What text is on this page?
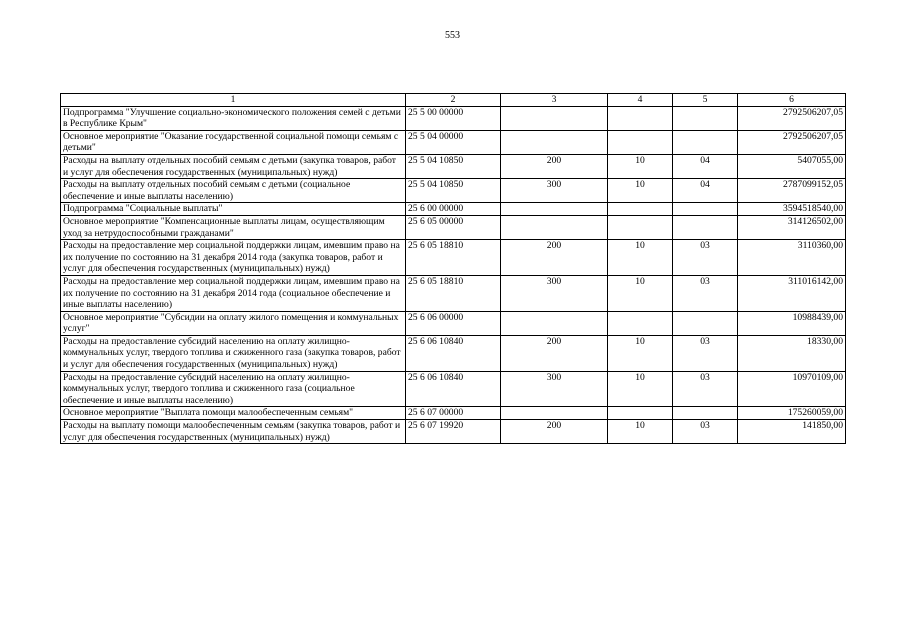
553
1	2	3	4	5	6
Подпрограмма "Улучшение социально-экономического положения семей с детьми в Республике Крым"	25 5 00 00000				2792506207,05
Основное мероприятие "Оказание государственной социальной помощи семьям с детьми"	25 5 04 00000				2792506207,05
Расходы на выплату отдельных пособий семьям с детьми (закупка товаров, работ и услуг для обеспечения государственных (муниципальных) нужд)	25 5 04 10850	200	10	04	5407055,00
Расходы на выплату отдельных пособий семьям с детьми (социальное обеспечение и иные выплаты населению)	25 5 04 10850	300	10	04	2787099152,05
Подпрограмма "Социальные выплаты"	25 6 00 00000				3594518540,00
Основное мероприятие "Компенсационные выплаты лицам, осуществляющим уход за нетрудоспособными гражданами"	25 6 05 00000				314126502,00
Расходы на предоставление мер социальной поддержки лицам, имевшим право на их получение по состоянию на 31 декабря 2014 года (закупка товаров, работ и услуг для обеспечения государственных (муниципальных) нужд)	25 6 05 18810	200	10	03	3110360,00
Расходы на предоставление мер социальной поддержки лицам, имевшим право на их получение по состоянию на 31 декабря 2014 года (социальное обеспечение и иные выплаты населению)	25 6 05 18810	300	10	03	311016142,00
Основное мероприятие "Субсидии на оплату жилого помещения и коммунальных услуг"	25 6 06 00000				10988439,00
Расходы на предоставление субсидий населению на оплату жилищно-коммунальных услуг, твердого топлива и сжиженного газа (закупка товаров, работ и услуг для обеспечения государственных (муниципальных) нужд)	25 6 06 10840	200	10	03	18330,00
Расходы на предоставление субсидий населению на оплату жилищно-коммунальных услуг, твердого топлива и сжиженного газа (социальное обеспечение и иные выплаты населению)	25 6 06 10840	300	10	03	10970109,00
Основное мероприятие "Выплата помощи малообеспеченным семьям"	25 6 07 00000				175260059,00
Расходы на выплату помощи малообеспеченным семьям (закупка товаров, работ и услуг для обеспечения государственных (муниципальных) нужд)	25 6 07 19920	200	10	03	141850,00
